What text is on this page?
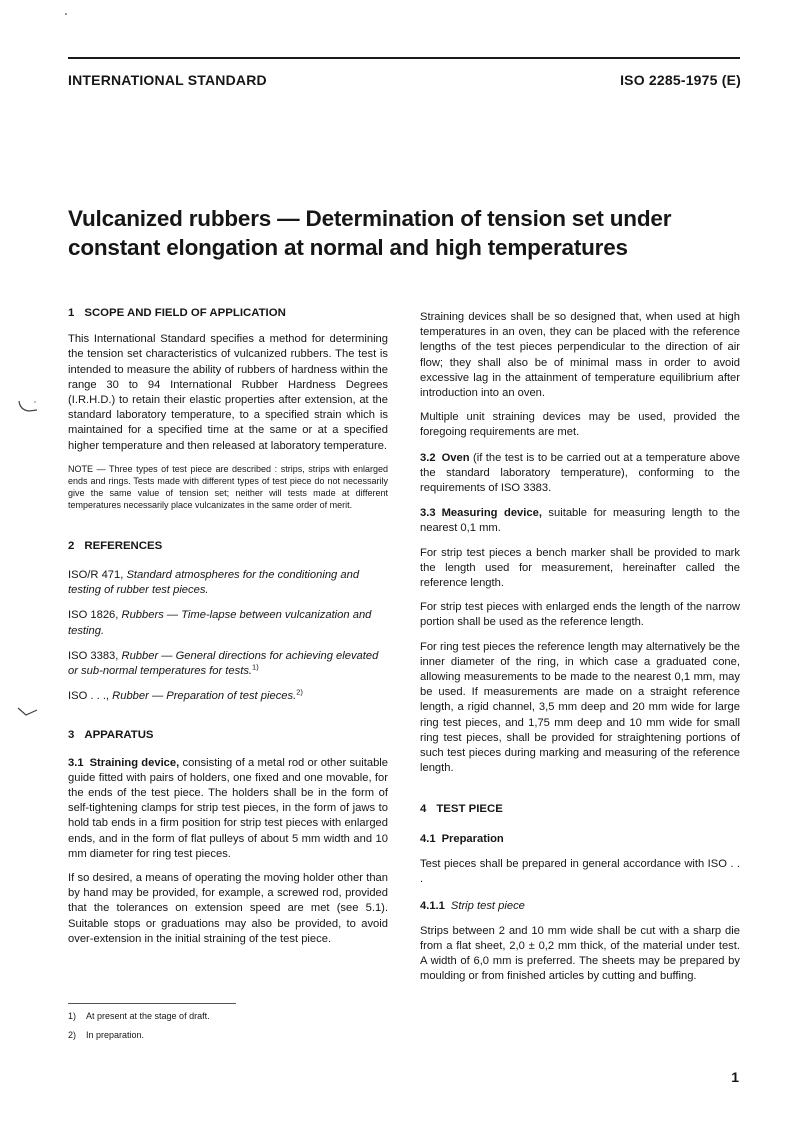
INTERNATIONAL STANDARD	ISO 2285-1975 (E)
Vulcanized rubbers — Determination of tension set under
constant elongation at normal and high temperatures
1 SCOPE AND FIELD OF APPLICATION

This International Standard specifies a method for determining the tension set characteristics of vulcanized rubbers. The test is intended to measure the ability of rubbers of hardness within the range 30 to 94 International Rubber Hardness Degrees (I.R.H.D.) to retain their elastic properties after extension, at the standard laboratory temperature, to a specified strain which is maintained for a specified time at the same or at a specified higher temperature and then released at laboratory temperature.

NOTE — Three types of test piece are described : strips, strips with enlarged ends and rings. Tests made with different types of test piece do not necessarily give the same value of tension set; neither will tests made at different temperatures necessarily place vulcanizates in the same order of merit.

2 REFERENCES

ISO/R 471, Standard atmospheres for the conditioning and testing of rubber test pieces.

ISO 1826, Rubbers — Time-lapse between vulcanization and testing.

ISO 3383, Rubber — General directions for achieving elevated or sub-normal temperatures for tests.$^{1)}$

ISO . . ., Rubber — Preparation of test pieces.$^{2)}$

3 APPARATUS

3.1 Straining device, consisting of a metal rod or other suitable guide fitted with pairs of holders, one fixed and one movable, for the ends of the test piece. The holders shall be in the form of self-tightening clamps for strip test pieces, in the form of jaws to hold tab ends in a firm position for strip test pieces with enlarged ends, and in the form of flat pulleys of about 5 mm width and 10 mm diameter for ring test pieces.

If so desired, a means of operating the moving holder other than by hand may be provided, for example, a screwed rod, provided that the tolerances on extension speed are met (see 5.1). Suitable stops or graduations may also be provided, to avoid over-extension in the initial straining of the test piece.

Straining devices shall be so designed that, when used at high temperatures in an oven, they can be placed with the reference lengths of the test pieces perpendicular to the direction of air flow; they shall also be of minimal mass in order to avoid excessive lag in the attainment of temperature equilibrium after introduction into an oven.

Multiple unit straining devices may be used, provided the foregoing requirements are met.

3.2 Oven (if the test is to be carried out at a temperature above the standard laboratory temperature), conforming to the requirements of ISO 3383.

3.3 Measuring device, suitable for measuring length to the nearest 0,1 mm.

For strip test pieces a bench marker shall be provided to mark the length used for measurement, hereinafter called the reference length.

For strip test pieces with enlarged ends the length of the narrow portion shall be used as the reference length.

For ring test pieces the reference length may alternatively be the inner diameter of the ring, in which case a graduated cone, allowing measurements to be made to the nearest 0,1 mm, may be used. If measurements are made on a straight reference length, a rigid channel, 3,5 mm deep and 20 mm wide for large ring test pieces, and 1,75 mm deep and 10 mm wide for small ring test pieces, shall be provided for straightening portions of such test pieces during marking and measuring of the reference length.

4 TEST PIECE
4.1 Preparation

Test pieces shall be prepared in general accordance with ISO . . .

4.1.1 Strip test piece

Strips between 2 and 10 mm wide shall be cut with a sharp die from a flat sheet, 2,0 ± 0,2 mm thick, of the material under test. A width of 6,0 mm is preferred. The sheets may be prepared by moulding or from finished articles by cutting and buffing.

1) At present at the stage of draft.
2) In preparation.
1
